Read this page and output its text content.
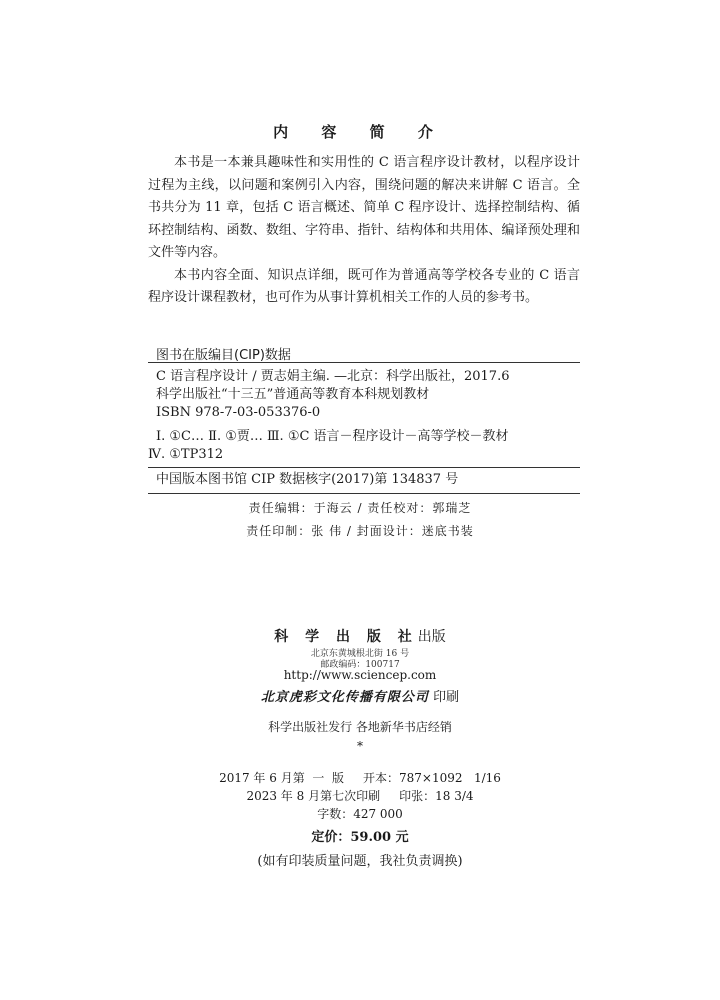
内 容 简 介

本书是一本兼具趣味性和实用性的 C 语言程序设计教材，以程序设计过程为主线，以问题和案例引入内容，围绕问题的解决来讲解 C 语言。全书共分为 11 章，包括 C 语言概述、简单 C 程序设计、选择控制结构、循环控制结构、函数、数组、字符串、指针、结构体和共用体、编译预处理和文件等内容。

本书内容全面、知识点详细，既可作为普通高等学校各专业的 C 语言程序设计课程教材，也可作为从事计算机相关工作的人员的参考书。

图书在版编目(CIP)数据
C 语言程序设计 / 贾志娟主编. —北京：科学出版社，2017.6
科学出版社“十三五”普通高等教育本科规划教材
ISBN 978-7-03-053376-0
Ⅰ. ①C… Ⅱ. ①贾… Ⅲ. ①C 语言－程序设计－高等学校－教材
Ⅳ. ①TP312
中国版本图书馆 CIP 数据核字(2017)第 134837 号
责任编辑：于海云 / 责任校对：郭瑞芝
责任印制：张 伟 / 封面设计：迷底书装
科 学 出 版 社出版
北京东黄城根北街 16 号
邮政编码：100717
http://www.sciencep.com
北京虎彩文化传播有限公司 印刷
科学出版社发行 各地新华书店经销
*
2017 年 6 月第  一  版     开本：787×1092   1/16
2023 年 8 月第七次印刷     印张：18 3/4
字数：427 000
定价：59.00 元
(如有印装质量问题，我社负责调换)
